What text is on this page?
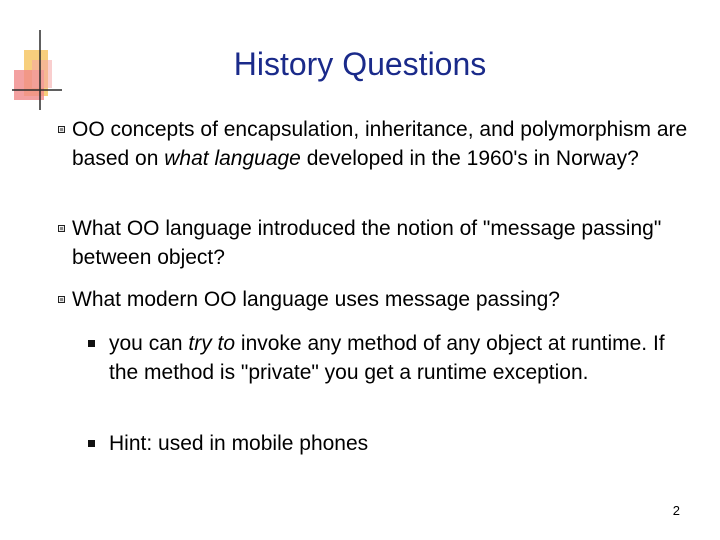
History Questions
OO concepts of encapsulation, inheritance, and polymorphism are based on what language developed in the 1960's in Norway?
What OO language introduced the notion of "message passing" between object?
What modern OO language uses message passing?
you can try to invoke any method of any object at runtime. If the method is "private" you get a runtime exception.
Hint: used in mobile phones
2
